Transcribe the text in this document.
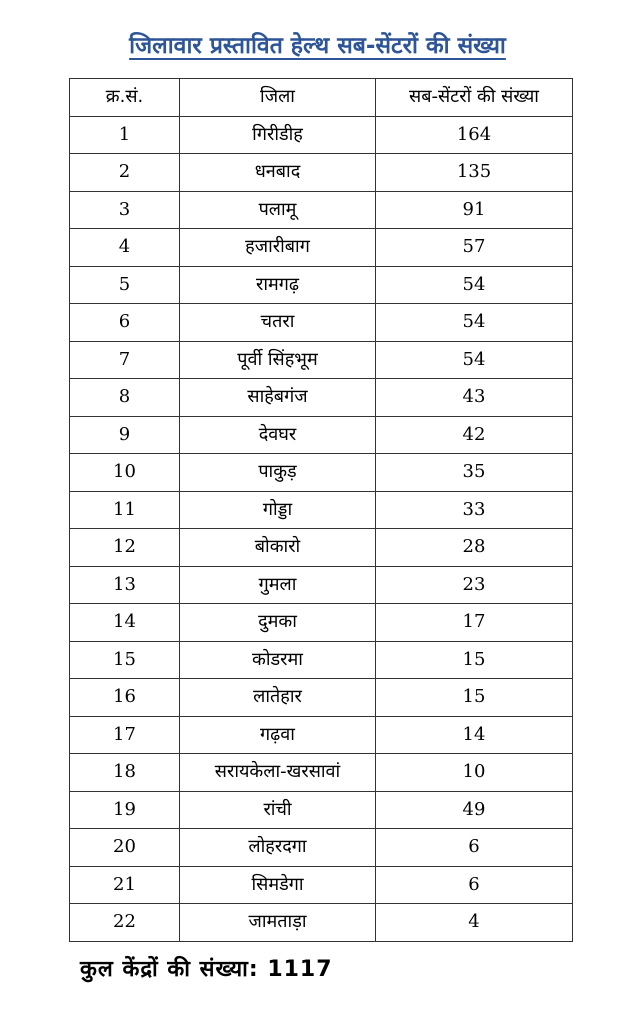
जिलावार प्रस्तावित हेल्थ सब-सेंटरों की संख्या
क्र.सं.	जिला	सब-सेंटरों की संख्या
1	गिरीडीह	164
2	धनबाद	135
3	पलामू	91
4	हजारीबाग	57
5	रामगढ़	54
6	चतरा	54
7	पूर्वी सिंहभूम	54
8	साहेबगंज	43
9	देवघर	42
10	पाकुड़	35
11	गोड्डा	33
12	बोकारो	28
13	गुमला	23
14	दुमका	17
15	कोडरमा	15
16	लातेहार	15
17	गढ़वा	14
18	सरायकेला-खरसावां	10
19	रांची	49
20	लोहरदगा	6
21	सिमडेगा	6
22	जामताड़ा	4
कुल केंद्रों की संख्या: 1117
